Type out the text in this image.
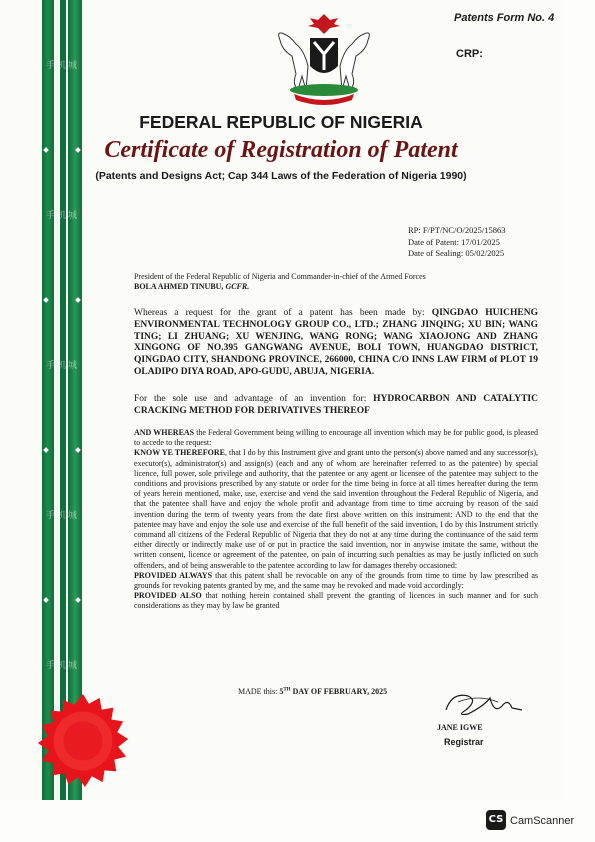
手机城
手机城
手机城
手机城
手机城
Patents Form No. 4
CRP:
FEDERAL REPUBLIC OF NIGERIA
Certificate of Registration of Patent
(Patents and Designs Act; Cap 344 Laws of the Federation of Nigeria 1990)
RP: F/PT/NC/O/2025/15863
Date of Patent: 17/01/2025
Date of Sealing: 05/02/2025
President of the Federal Republic of Nigeria and Commander-in-chief of the Armed Forces
BOLA AHMED TINUBU, GCFR.
Whereas a request for the grant of a patent has been made by: QINGDAO HUICHENG ENVIRONMENTAL TECHNOLOGY GROUP CO., LTD.; ZHANG JINQING; XU BIN; WANG TING; LI ZHUANG; XU WENJING, WANG RONG; WANG XIAOJONG AND ZHANG XINGONG OF NO.395 GANGWANG AVENUE, BOLI TOWN, HUANGDAO DISTRICT, QINGDAO CITY, SHANDONG PROVINCE, 266000, CHINA C/O INNS LAW FIRM of PLOT 19 OLADIPO DIYA ROAD, APO-GUDU, ABUJA, NIGERIA.
For the sole use and advantage of an invention for: HYDROCARBON AND CATALYTIC CRACKING METHOD FOR DERIVATIVES THEREOF
AND WHEREAS the Federal Government being willing to encourage all invention which may be for public good, is pleased to accede to the request:
KNOW YE THEREFORE, that I do by this Instrument give and grant unto the person(s) above named and any successor(s), executor(s), administrator(s) and assign(s) (each and any of whom are hereinafter referred to as the patentee) by special licence, full power, sole privilege and authority, that the patentee or any agent or licensee of the patentee may subject to the conditions and provisions prescribed by any statute or order for the time being in force at all times hereafter during the term of years herein mentioned, make, use, exercise and vend the said invention throughout the Federal Republic of Nigeria, and that the patentee shall have and enjoy the whole profit and advantage from time to time accruing by reason of the said invention during the term of twenty years from the date first above written on this instrument: AND to the end that the patentee may have and enjoy the sole use and exercise of the full benefit of the said invention, I do by this Instrument strictly command all citizens of the Federal Republic of Nigeria that they do not at any time during the continuance of the said term either directly or indirectly make use of or put in practice the said invention, nor in anywise imitate the same, without the written consent, licence or agreement of the patentee, on pain of incurring such penalties as may be justly inflicted on such offenders, and of being answerable to the patentee according to law for damages thereby occasioned:
PROVIDED ALWAYS that this patent shall be revocable on any of the grounds from time to time by law prescribed as grounds for revoking patents granted by me, and the same may be revoked and made void accordingly:
PROVIDED ALSO that nothing herein contained shall prevent the granting of licences in such manner and for such considerations as they may by law be granted
MADE this: 5TH DAY OF FEBRUARY, 2025
JANE IGWE
Registrar
CS CamScanner
